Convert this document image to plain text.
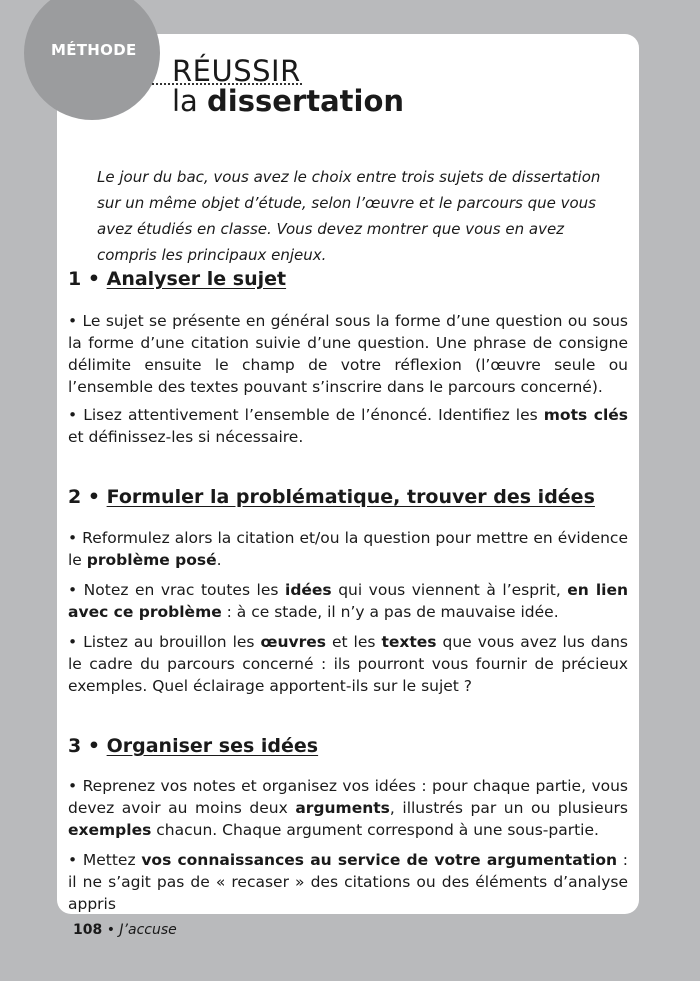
MÉTHODE
RÉUSSIR
la dissertation

Le jour du bac, vous avez le choix entre trois sujets de dissertation sur un même objet d’étude, selon l’œuvre et le parcours que vous avez étudiés en classe. Vous devez montrer que vous en avez compris les principaux enjeux.

1 • Analyser le sujet

• Le sujet se présente en général sous la forme d’une question ou sous la forme d’une citation suivie d’une question. Une phrase de consigne délimite ensuite le champ de votre réflexion (l’œuvre seule ou l’ensemble des textes pouvant s’inscrire dans le parcours concerné).

• Lisez attentivement l’ensemble de l’énoncé. Identifiez les mots clés et définissez-les si nécessaire.

2 • Formuler la problématique, trouver des idées

• Reformulez alors la citation et/ou la question pour mettre en évidence le problème posé.

• Notez en vrac toutes les idées qui vous viennent à l’esprit, en lien avec ce problème : à ce stade, il n’y a pas de mauvaise idée.

• Listez au brouillon les œuvres et les textes que vous avez lus dans le cadre du parcours concerné : ils pourront vous fournir de précieux exemples. Quel éclairage apportent-ils sur le sujet ?

3 • Organiser ses idées

• Reprenez vos notes et organisez vos idées : pour chaque partie, vous devez avoir au moins deux arguments, illustrés par un ou plusieurs exemples chacun. Chaque argument correspond à une sous-partie.

• Mettez vos connaissances au service de votre argumentation : il ne s’agit pas de « recaser » des citations ou des éléments d’analyse appris

108 • J’accuse
